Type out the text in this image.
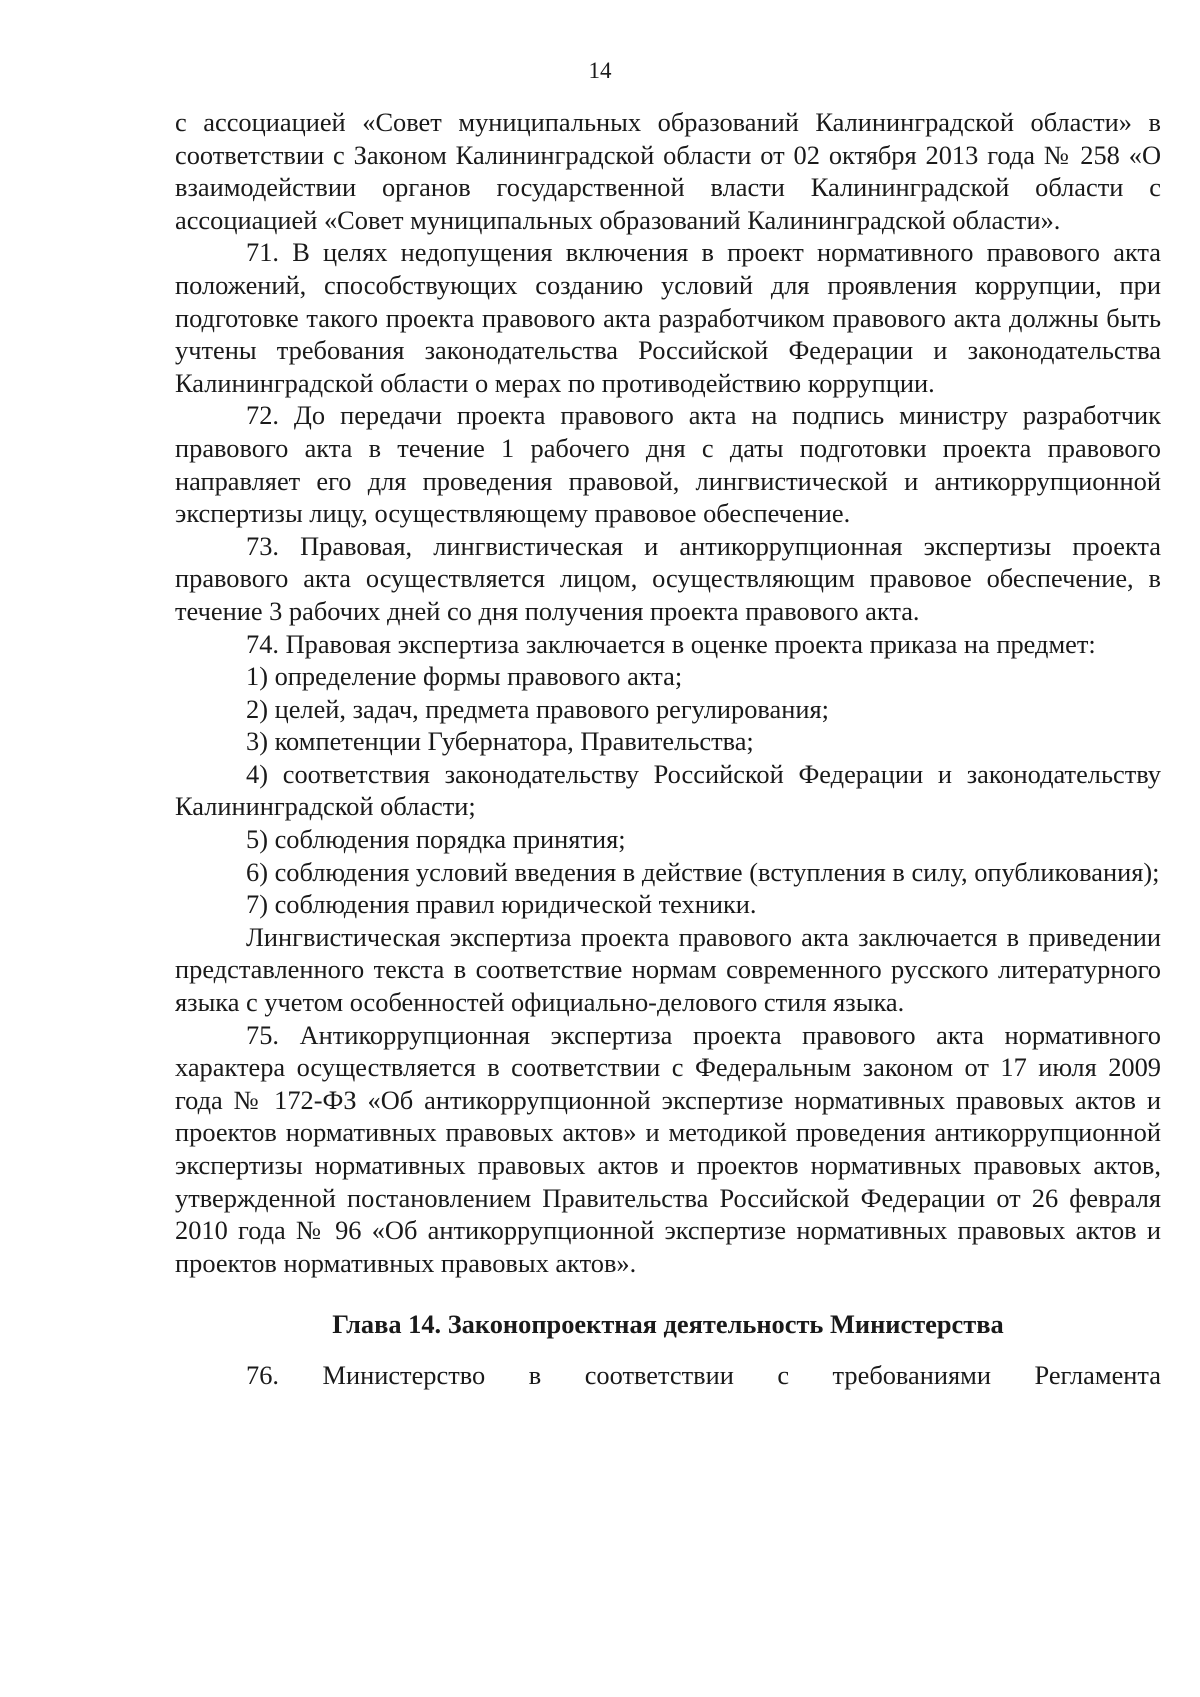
14

с ассоциацией «Совет муниципальных образований Калининградской области» в соответствии с Законом Калининградской области от 02 октября 2013 года № 258 «О взаимодействии органов государственной власти Калининградской области с ассоциацией «Совет муниципальных образований Калининградской области».

71. В целях недопущения включения в проект нормативного правового акта положений, способствующих созданию условий для проявления коррупции, при подготовке такого проекта правового акта разработчиком правового акта должны быть учтены требования законодательства Российской Федерации и законодательства Калининградской области о мерах по противодействию коррупции.

72. До передачи проекта правового акта на подпись министру разработчик правового акта в течение 1 рабочего дня с даты подготовки проекта правового направляет его для проведения правовой, лингвистической и антикоррупционной экспертизы лицу, осуществляющему правовое обеспечение.

73. Правовая, лингвистическая и антикоррупционная экспертизы проекта правового акта осуществляется лицом, осуществляющим правовое обеспечение, в течение 3 рабочих дней со дня получения проекта правового акта.

74. Правовая экспертиза заключается в оценке проекта приказа на предмет:

1) определение формы правового акта;

2) целей, задач, предмета правового регулирования;

3) компетенции Губернатора, Правительства;

4) соответствия законодательству Российской Федерации и законодательству Калининградской области;

5) соблюдения порядка принятия;

6) соблюдения условий введения в действие (вступления в силу, опубликования);

7) соблюдения правил юридической техники.

Лингвистическая экспертиза проекта правового акта заключается в приведении представленного текста в соответствие нормам современного русского литературного языка с учетом особенностей официально-делового стиля языка.

75. Антикоррупционная экспертиза проекта правового акта нормативного характера осуществляется в соответствии с Федеральным законом от 17 июля 2009 года № 172-ФЗ «Об антикоррупционной экспертизе нормативных правовых актов и проектов нормативных правовых актов» и методикой проведения антикоррупционной экспертизы нормативных правовых актов и проектов нормативных правовых актов, утвержденной постановлением Правительства Российской Федерации от 26 февраля 2010 года № 96 «Об антикоррупционной экспертизе нормативных правовых актов и проектов нормативных правовых актов».

Глава 14. Законопроектная деятельность Министерства

76. Министерство в соответствии с требованиями Регламента
